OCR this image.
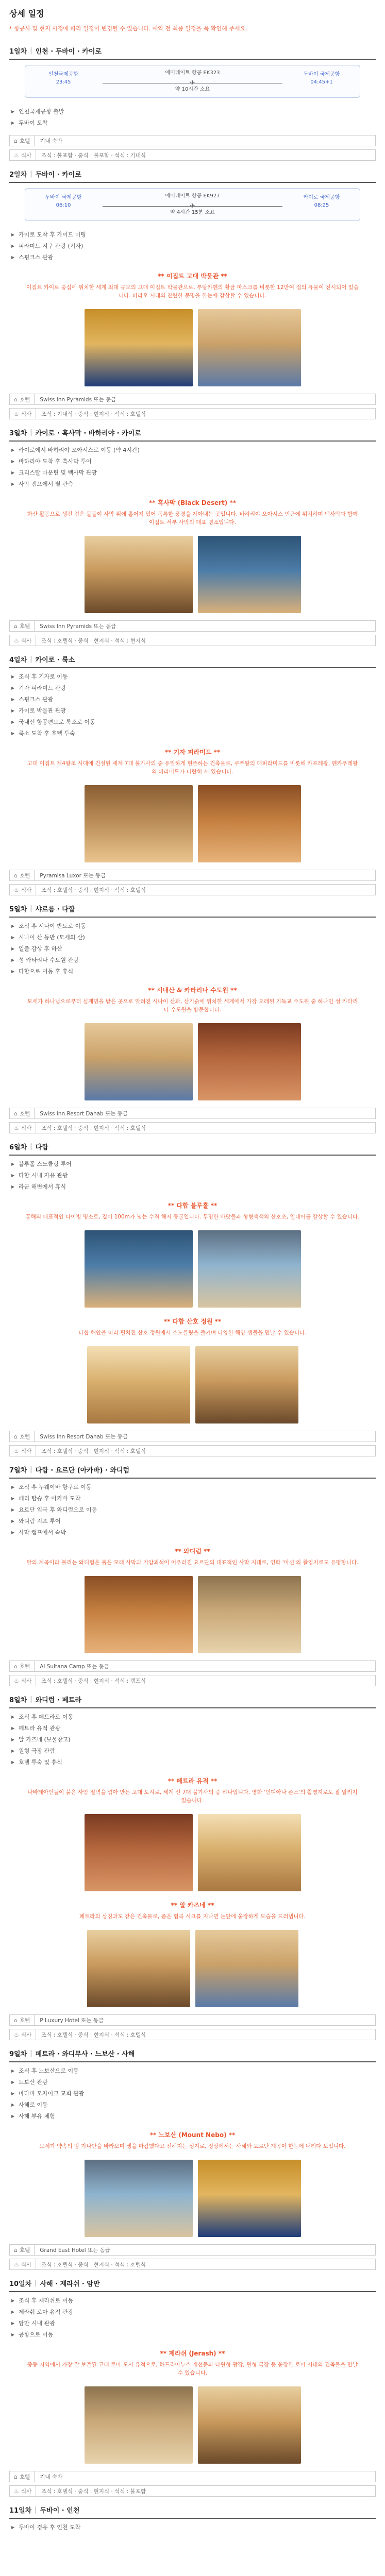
상세 일정
* 항공사 및 현지 사정에 따라 일정이 변경될 수 있습니다. 예약 전 최종 일정을 꼭 확인해 주세요.
1일차 | 인천 · 두바이 · 카이로
인천국제공항
23:45	✈
에미레이트 항공 EK323
약 10시간 소요
두바이 국제공항
04:45+1
▶ 인천국제공항 출발
▶ 두바이 도착
⌂ 호텔	기내 숙박
♨ 식사	조식 : 불포함 · 중식 : 불포함 · 석식 : 기내식
2일차 | 두바이 · 카이로
두바이 국제공항
06:10	✈
에미레이트 항공 EK927
약 4시간 15분 소요
카이로 국제공항
08:25
▶ 카이로 도착 후 가이드 미팅
▶ 피라미드 지구 관광 (기자)
▶ 스핑크스 관광
** 이집트 고대 박물관 **

이집트 카이로 중심에 위치한 세계 최대 규모의 고대 이집트 박물관으로, 투탕카멘의 황금 마스크를 비롯한 12만여 점의 유물이 전시되어 있습니다. 파라오 시대의 찬란한 문명을 한눈에 감상할 수 있습니다.

⌂ 호텔	Swiss Inn Pyramids 또는 동급
♨ 식사	조식 : 기내식 · 중식 : 현지식 · 석식 : 호텔식
3일차 | 카이로 · 흑사막 · 바하리야 · 카이로
▶ 카이로에서 바하리야 오아시스로 이동 (약 4시간)
▶ 바하리야 도착 후 흑사막 투어
▶ 크리스탈 마운틴 및 백사막 관광
▶ 사막 캠프에서 별 관측
** 흑사막 (Black Desert) **

화산 활동으로 생긴 검은 돌들이 사막 위에 흩어져 있어 독특한 풍경을 자아내는 곳입니다. 바하리야 오아시스 인근에 위치하며 백사막과 함께 이집트 서부 사막의 대표 명소입니다.

⌂ 호텔	Swiss Inn Pyramids 또는 동급
♨ 식사	조식 : 호텔식 · 중식 : 현지식 · 석식 : 현지식
4일차 | 카이로 · 룩소
▶ 조식 후 기자로 이동
▶ 기자 피라미드 관광
▶ 스핑크스 관광
▶ 카이로 박물관 관광
▶ 국내선 항공편으로 룩소로 이동
▶ 룩소 도착 후 호텔 투숙
** 기자 피라미드 **

고대 이집트 제4왕조 시대에 건설된 세계 7대 불가사의 중 유일하게 현존하는 건축물로, 쿠푸왕의 대피라미드를 비롯해 카프레왕, 멘카우레왕의 피라미드가 나란히 서 있습니다.

⌂ 호텔	Pyramisa Luxor 또는 동급
♨ 식사	조식 : 호텔식 · 중식 : 현지식 · 석식 : 호텔식
5일차 | 샤르름 · 다합
▶ 조식 후 시나이 반도로 이동
▶ 시나이 산 등반 (모세의 산)
▶ 일출 감상 후 하산
▶ 성 카타리나 수도원 관광
▶ 다합으로 이동 후 휴식
** 시내산 & 카타리나 수도원 **

모세가 하나님으로부터 십계명을 받은 곳으로 알려진 시나이 산과, 산기슭에 위치한 세계에서 가장 오래된 기독교 수도원 중 하나인 성 카타리나 수도원을 방문합니다.

⌂ 호텔	Swiss Inn Resort Dahab 또는 동급
♨ 식사	조식 : 호텔식 · 중식 : 현지식 · 석식 : 호텔식
6일차 | 다합
▶ 블루홀 스노클링 투어
▶ 다합 시내 자유 관광
▶ 라군 해변에서 휴식
** 다합 블루홀 **

홍해의 대표적인 다이빙 명소로, 깊이 100m가 넘는 수직 해저 동굴입니다. 투명한 바닷물과 형형색색의 산호초, 열대어를 감상할 수 있습니다.

** 다합 산호 정원 **

다합 해안을 따라 펼쳐진 산호 정원에서 스노클링을 즐기며 다양한 해양 생물을 만날 수 있습니다.

⌂ 호텔	Swiss Inn Resort Dahab 또는 동급
♨ 식사	조식 : 호텔식 · 중식 : 현지식 · 석식 : 호텔식
7일차 | 다합 · 요르단 (아카바) · 와디럼
▶ 조식 후 누웨이바 항구로 이동
▶ 페리 탑승 후 아카바 도착
▶ 요르단 입국 후 와디럼으로 이동
▶ 와디럼 지프 투어
▶ 사막 캠프에서 숙박
** 와디럼 **

달의 계곡이라 불리는 와디럼은 붉은 모래 사막과 기암괴석이 어우러진 요르단의 대표적인 사막 지대로, 영화 '마션'의 촬영지로도 유명합니다.

⌂ 호텔	Al Sultana Camp 또는 동급
♨ 식사	조식 : 호텔식 · 중식 : 현지식 · 석식 : 캠프식
8일차 | 와디럼 · 페트라
▶ 조식 후 페트라로 이동
▶ 페트라 유적 관광
▶ 알 카즈네 (보물창고)
▶ 원형 극장 관람
▶ 호텔 투숙 및 휴식
** 페트라 유적 **

나바테아인들이 붉은 사암 절벽을 깎아 만든 고대 도시로, 세계 신 7대 불가사의 중 하나입니다. 영화 '인디아나 존스'의 촬영지로도 잘 알려져 있습니다.

** 알 카즈네 **

페트라의 상징과도 같은 건축물로, 좁은 협곡 시크를 지나면 눈앞에 웅장하게 모습을 드러냅니다.

⌂ 호텔	P Luxury Hotel 또는 동급
♨ 식사	조식 : 호텔식 · 중식 : 현지식 · 석식 : 호텔식
9일차 | 페트라 · 와디무사 · 느보산 · 사해
▶ 조식 후 느보산으로 이동
▶ 느보산 관광
▶ 마다바 모자이크 교회 관광
▶ 사해로 이동
▶ 사해 부유 체험
** 느보산 (Mount Nebo) **

모세가 약속의 땅 가나안을 바라보며 생을 마감했다고 전해지는 성지로, 정상에서는 사해와 요르단 계곡이 한눈에 내려다 보입니다.

⌂ 호텔	Grand East Hotel 또는 동급
♨ 식사	조식 : 호텔식 · 중식 : 현지식 · 석식 : 호텔식
10일차 | 사해 · 제라쉬 · 암만
▶ 조식 후 제라쉬로 이동
▶ 제라쉬 로마 유적 관광
▶ 암만 시내 관광
▶ 공항으로 이동
** 제라쉬 (Jerash) **

중동 지역에서 가장 잘 보존된 고대 로마 도시 유적으로, 하드리아누스 개선문과 타원형 광장, 원형 극장 등 웅장한 로마 시대의 건축물을 만날 수 있습니다.

⌂ 호텔	기내 숙박
♨ 식사	조식 : 호텔식 · 중식 : 현지식 · 석식 : 불포함
11일차 | 두바이 · 인천
▶ 두바이 경유 후 인천 도착
